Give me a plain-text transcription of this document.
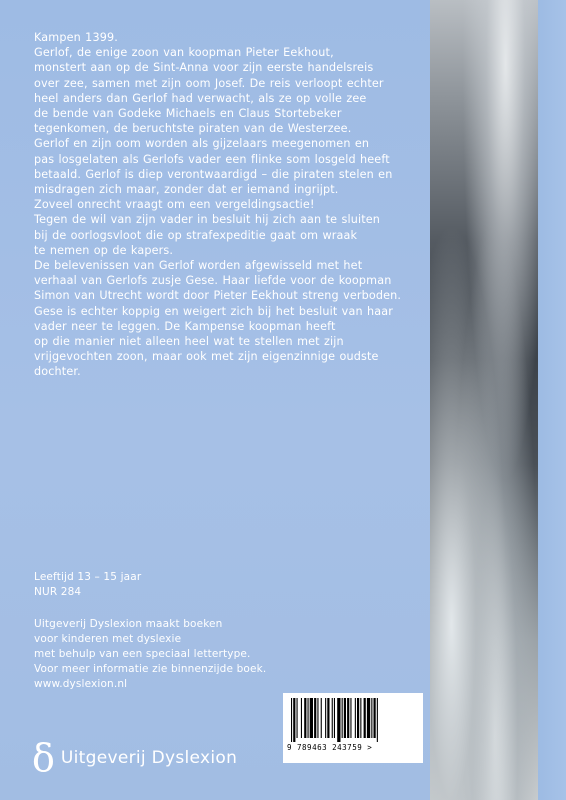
Kampen 1399.

Gerlof, de enige zoon van koopman Pieter Eekhout,

monstert aan op de Sint-Anna voor zijn eerste handelsreis

over zee, samen met zijn oom Josef. De reis verloopt echter

heel anders dan Gerlof had verwacht, als ze op volle zee

de bende van Godeke Michaels en Claus Stortebeker

tegenkomen, de beruchtste piraten van de Westerzee.

Gerlof en zijn oom worden als gijzelaars meegenomen en

pas losgelaten als Gerlofs vader een flinke som losgeld heeft

betaald. Gerlof is diep verontwaardigd – die piraten stelen en

misdragen zich maar, zonder dat er iemand ingrijpt.

Zoveel onrecht vraagt om een vergeldingsactie!

Tegen de wil van zijn vader in besluit hij zich aan te sluiten

bij de oorlogsvloot die op strafexpeditie gaat om wraak

te nemen op de kapers.

De belevenissen van Gerlof worden afgewisseld met het

verhaal van Gerlofs zusje Gese. Haar liefde voor de koopman

Simon van Utrecht wordt door Pieter Eekhout streng verboden.

Gese is echter koppig en weigert zich bij het besluit van haar

vader neer te leggen. De Kampense koopman heeft

op die manier niet alleen heel wat te stellen met zijn

vrijgevochten zoon, maar ook met zijn eigenzinnige oudste

dochter.

Leeftijd 13 – 15 jaar

NUR 284

Uitgeverij Dyslexion maakt boeken

voor kinderen met dyslexie

met behulp van een speciaal lettertype.

Voor meer informatie zie binnenzijde boek.

www.dyslexion.nl

9 789463 243759 >
δ Uitgeverij Dyslexion
